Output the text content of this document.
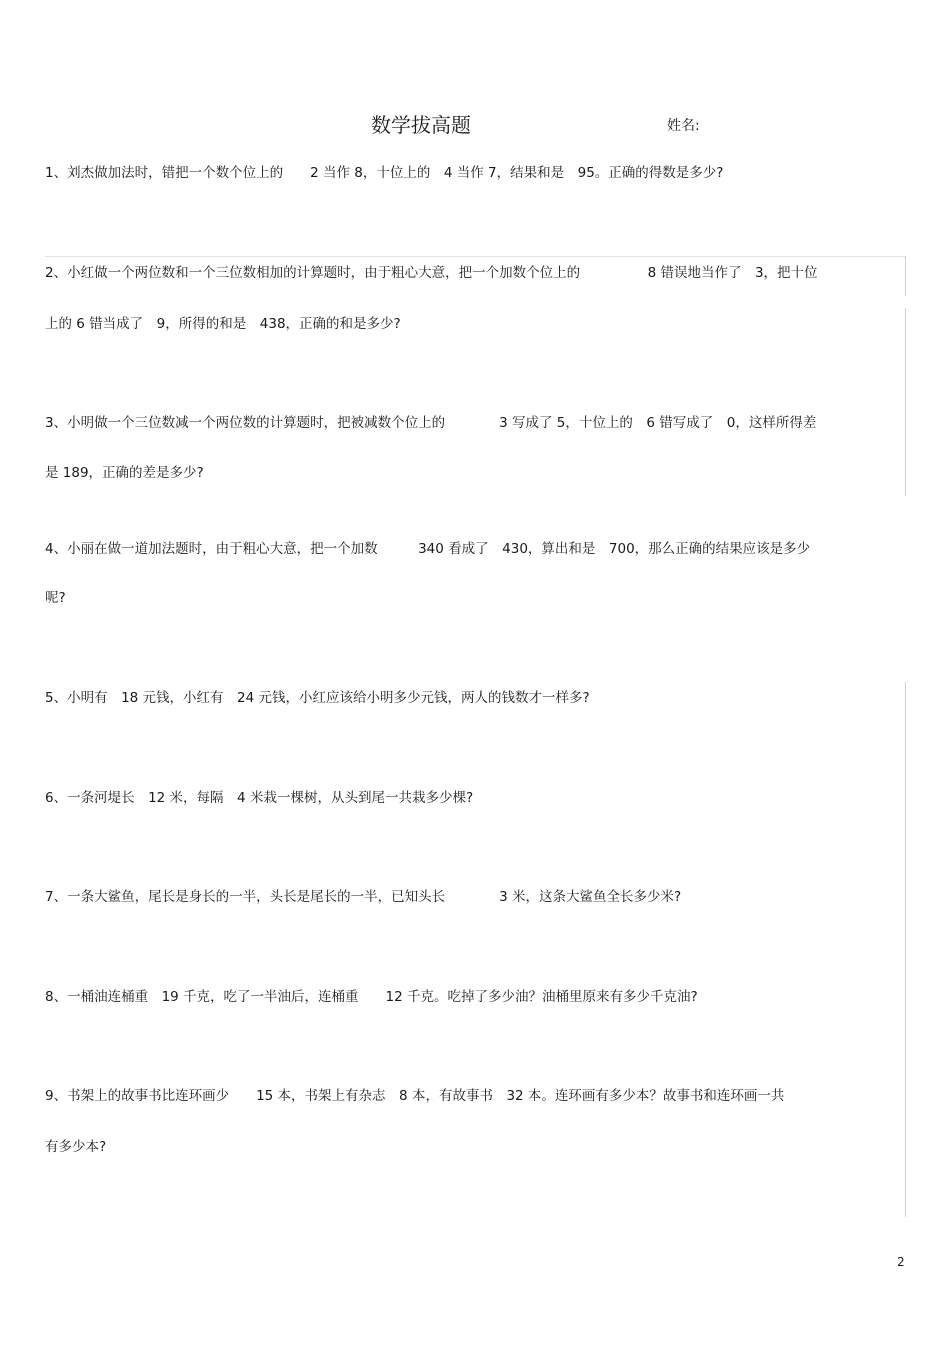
数学拔高题	姓名:
1、刘杰做加法时，错把一个数个位上的　　2 当作 8，十位上的　4 当作 7，结果和是　95。正确的得数是多少?
2、小红做一个两位数和一个三位数相加的计算题时，由于粗心大意，把一个加数个位上的　　　　　8 错误地当作了　3，把十位
上的 6 错当成了　9，所得的和是　438，正确的和是多少?
3、小明做一个三位数减一个两位数的计算题时，把被减数个位上的　　　　3 写成了 5，十位上的　6 错写成了　0，这样所得差
是 189，正确的差是多少?
4、小丽在做一道加法题时，由于粗心大意，把一个加数　　　340 看成了　430，算出和是　700，那么正确的结果应该是多少
呢?
5、小明有　18 元钱，小红有　24 元钱，小红应该给小明多少元钱，两人的钱数才一样多?
6、一条河堤长　12 米，每隔　4 米栽一棵树，从头到尾一共栽多少棵?
7、一条大鲨鱼，尾长是身长的一半，头长是尾长的一半，已知头长　　　　3 米，这条大鲨鱼全长多少米?
8、一桶油连桶重　19 千克，吃了一半油后，连桶重　　12 千克。吃掉了多少油？油桶里原来有多少千克油?
9、书架上的故事书比连环画少　　15 本，书架上有杂志　8 本，有故事书　32 本。连环画有多少本？故事书和连环画一共
有多少本?
2
